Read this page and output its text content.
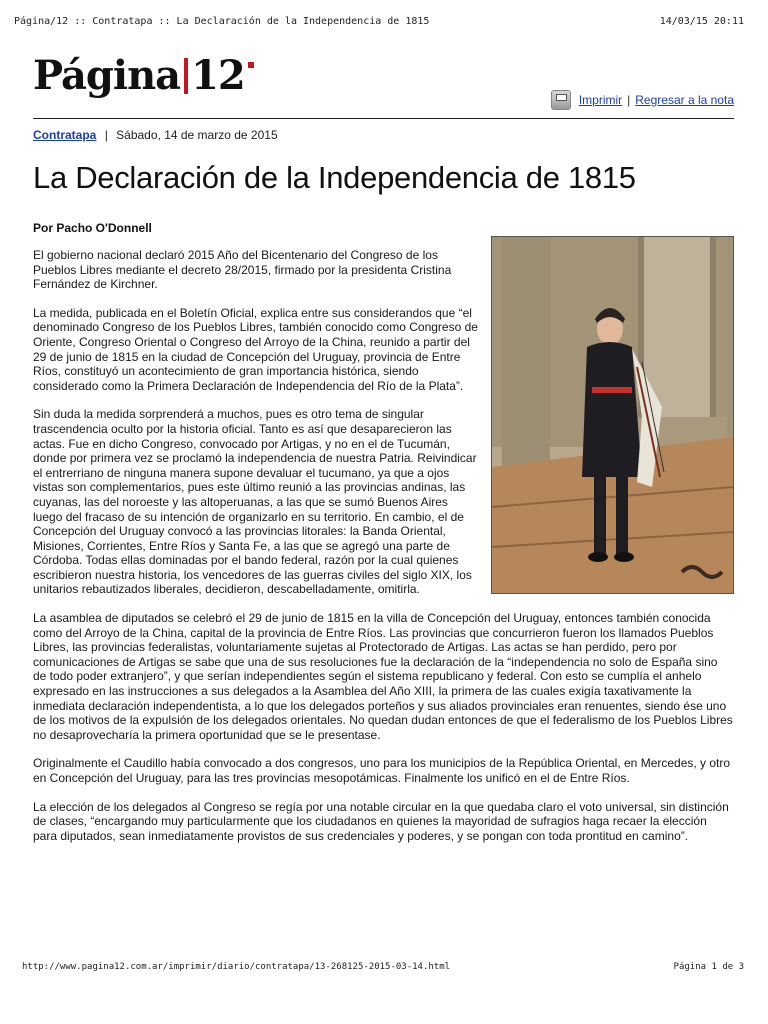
Página/12 :: Contratapa :: La Declaración de la Independencia de 1815	14/03/15 20:11
Página 12
Imprimir | Regresar a la nota
Contratapa | Sábado, 14 de marzo de 2015
La Declaración de la Independencia de 1815
Por Pacho O'Donnell

El gobierno nacional declaró 2015 Año del Bicentenario del Congreso de los Pueblos Libres mediante el decreto 28/2015, firmado por la presidenta Cristina Fernández de Kirchner.

La medida, publicada en el Boletín Oficial, explica entre sus considerandos que “el denominado Congreso de los Pueblos Libres, también conocido como Congreso de Oriente, Congreso Oriental o Congreso del Arroyo de la China, reunido a partir del 29 de junio de 1815 en la ciudad de Concepción del Uruguay, provincia de Entre Ríos, constituyó un acontecimiento de gran importancia histórica, siendo considerado como la Primera Declaración de Independencia del Río de la Plata”.

Sin duda la medida sorprenderá a muchos, pues es otro tema de singular trascendencia oculto por la historia oficial. Tanto es así que desaparecieron las actas. Fue en dicho Congreso, convocado por Artigas, y no en el de Tucumán, donde por primera vez se proclamó la independencia de nuestra Patria. Reivindicar el entrerriano de ninguna manera supone devaluar el tucumano, ya que a ojos vistas son complementarios, pues este último reunió a las provincias andinas, las cuyanas, las del noroeste y las altoperuanas, a las que se sumó Buenos Aires luego del fracaso de su intención de organizarlo en su territorio. En cambio, el de Concepción del Uruguay convocó a las provincias litorales: la Banda Oriental, Misiones, Corrientes, Entre Ríos y Santa Fe, a las que se agregó una parte de Córdoba. Todas ellas dominadas por el bando federal, razón por la cual quienes escribieron nuestra historia, los vencedores de las guerras civiles del siglo XIX, los unitarios rebautizados liberales, decidieron, descabelladamente, omitirla.

La asamblea de diputados se celebró el 29 de junio de 1815 en la villa de Concepción del Uruguay, entonces también conocida como del Arroyo de la China, capital de la provincia de Entre Ríos. Las provincias que concurrieron fueron los llamados Pueblos Libres, las provincias federalistas, voluntariamente sujetas al Protectorado de Artigas. Las actas se han perdido, pero por comunicaciones de Artigas se sabe que una de sus resoluciones fue la declaración de la “independencia no solo de España sino de todo poder extranjero”, y que serían independientes según el sistema republicano y federal. Con esto se cumplía el anhelo expresado en las instrucciones a sus delegados a la Asamblea del Año XIII, la primera de las cuales exigía taxativamente la inmediata declaración independentista, a lo que los delegados porteños y sus aliados provinciales eran renuentes, siendo ése uno de los motivos de la expulsión de los delegados orientales. No quedan dudan entonces de que el federalismo de los Pueblos Libres no desaprovecharía la primera oportunidad que se le presentase.

Originalmente el Caudillo había convocado a dos congresos, uno para los municipios de la República Oriental, en Mercedes, y otro en Concepción del Uruguay, para las tres provincias mesopotámicas. Finalmente los unificó en el de Entre Ríos.

La elección de los delegados al Congreso se regía por una notable circular en la que quedaba claro el voto universal, sin distinción de clases, “encargando muy particularmente que los ciudadanos en quienes la mayoridad de sufragios haga recaer la elección para diputados, sean inmediatamente provistos de sus credenciales y poderes, y se pongan con toda prontitud en camino”.

http://www.pagina12.com.ar/imprimir/diario/contratapa/13-268125-2015-03-14.html	Página 1 de 3
